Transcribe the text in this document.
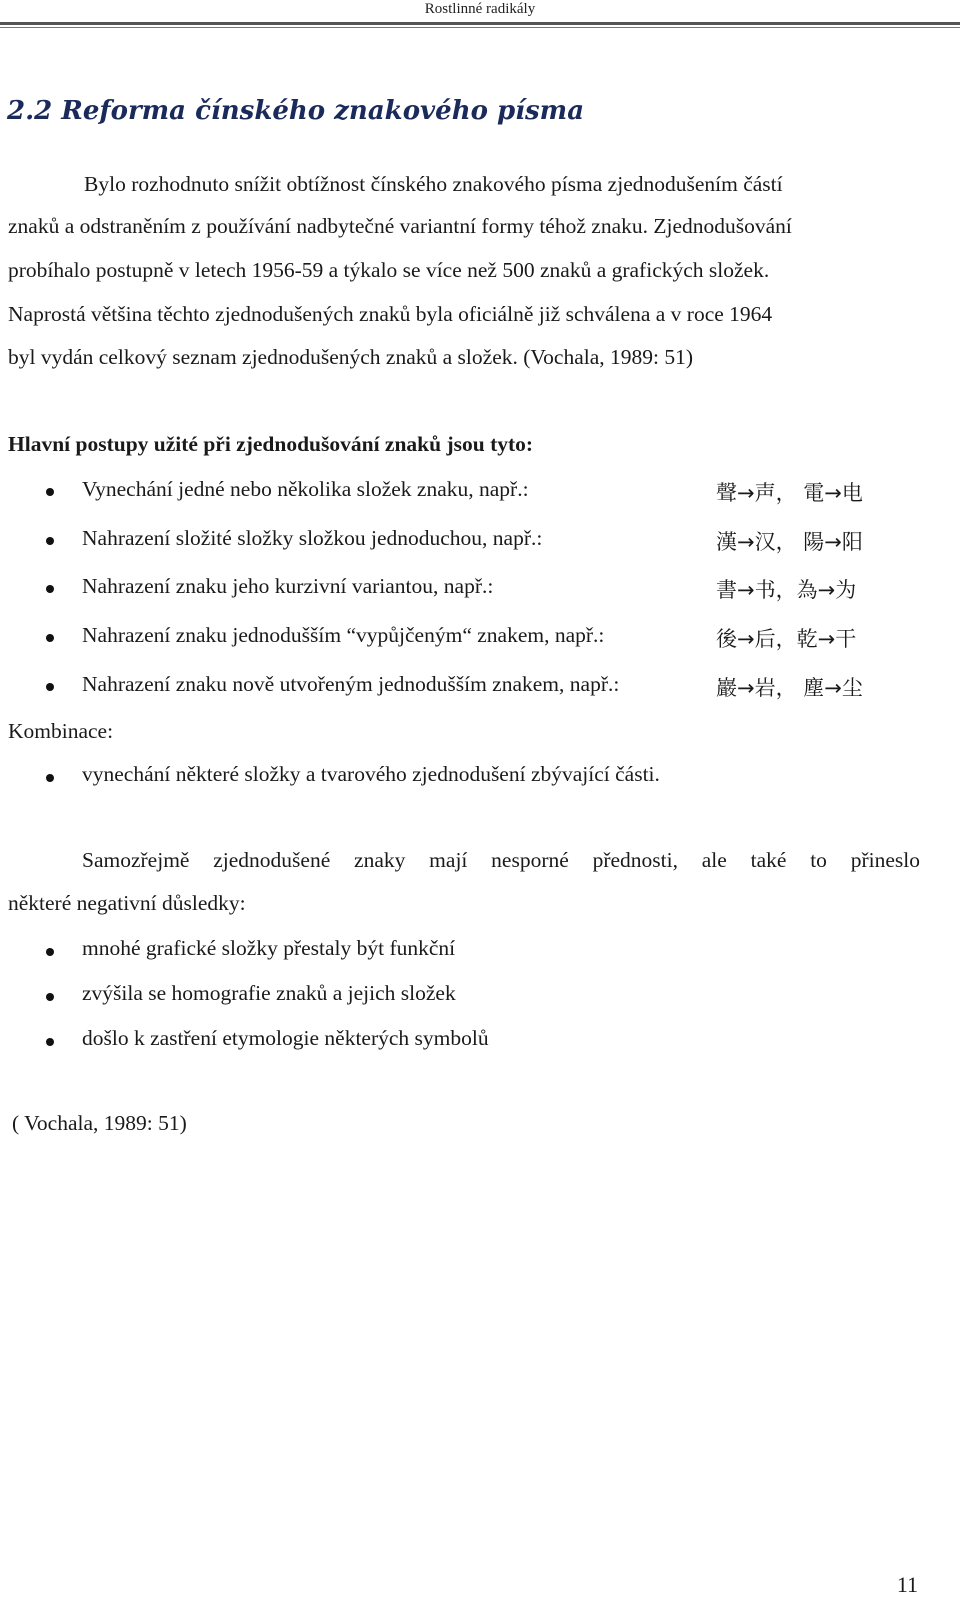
Rostlinné radikály
2.2 Reforma čínského znakového písma
Bylo rozhodnuto snížit obtížnost čínského znakového písma zjednodušením částí
znaků a odstraněním z používání nadbytečné variantní formy téhož znaku. Zjednodušování
probíhalo postupně v letech 1956-59 a týkalo se více než 500 znaků a grafických složek.
Naprostá většina těchto zjednodušených znaků byla oficiálně již schválena a v roce 1964
byl vydán celkový seznam zjednodušených znaků a složek. (Vochala, 1989: 51)
Hlavní postupy užité při zjednodušování znaků jsou tyto:
Vynechání jedné nebo několika složek znaku, např.:	聲→声， 電→电
Nahrazení složité složky složkou jednoduchou, např.:	漢→汉， 陽→阳
Nahrazení znaku jeho kurzivní variantou, např.:	書→书，為→为
Nahrazení znaku jednodušším “vypůjčeným“ znakem, např.:	後→后，乾→干
Nahrazení znaku nově utvořeným jednodušším znakem, např.:	巖→岩， 塵→尘
Kombinace:
vynechání některé složky a tvarového zjednodušení zbývající části.
Samozřejmě zjednodušené znaky mají nesporné přednosti, ale také to přineslo
některé negativní důsledky:
mnohé grafické složky přestaly být funkční
zvýšila se homografie znaků a jejich složek
došlo k zastření etymologie některých symbolů
( Vochala, 1989: 51)
11
